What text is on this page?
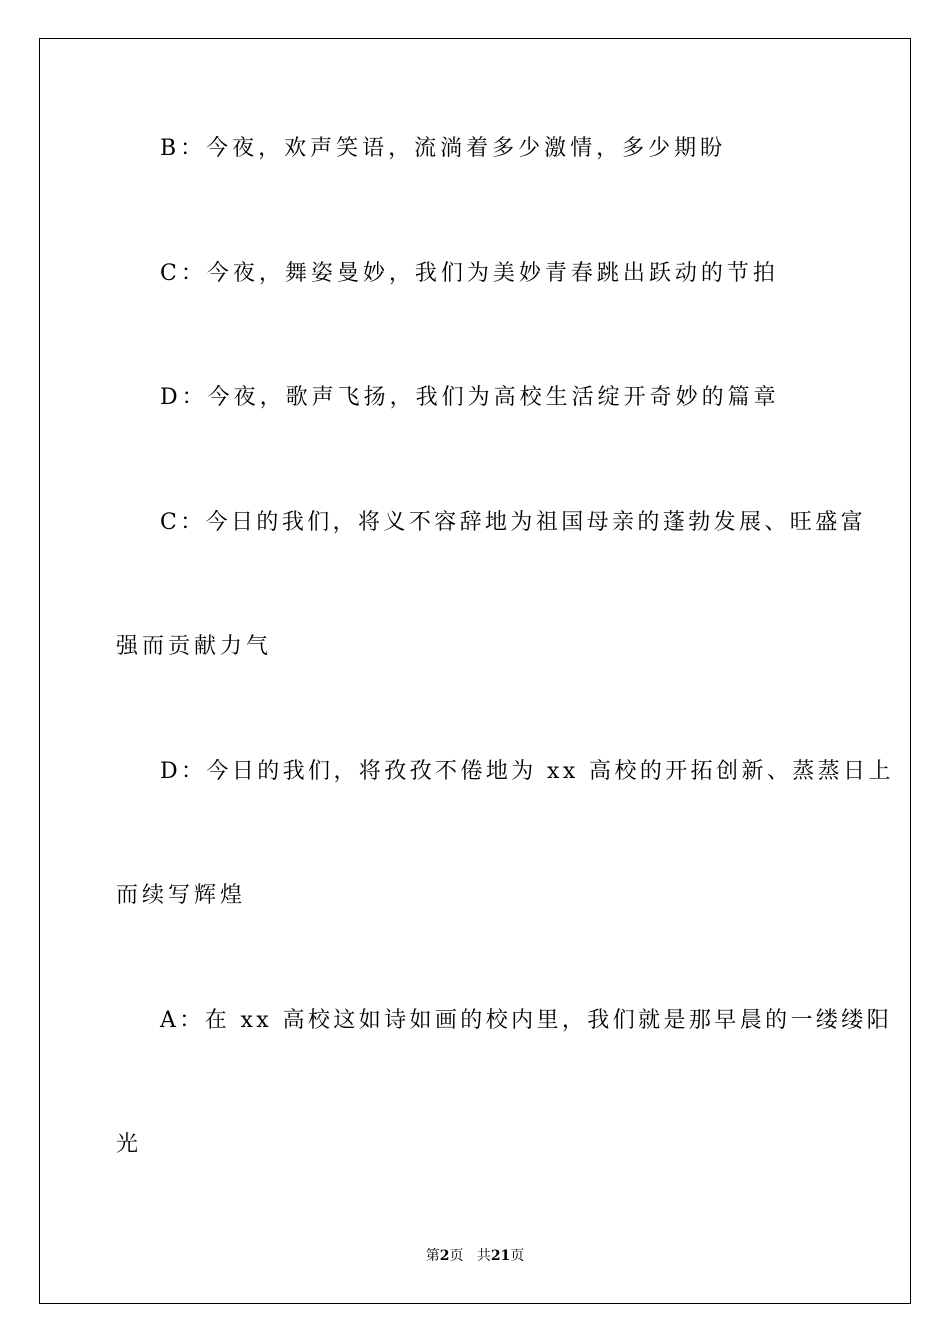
B：今夜，欢声笑语，流淌着多少激情，多少期盼
C：今夜，舞姿曼妙，我们为美妙青春跳出跃动的节拍
D：今夜，歌声飞扬，我们为高校生活绽开奇妙的篇章
C：今日的我们，将义不容辞地为祖国母亲的蓬勃发展、旺盛富
强而贡献力气
D：今日的我们，将孜孜不倦地为 xx 高校的开拓创新、蒸蒸日上
而续写辉煌
A：在 xx 高校这如诗如画的校内里，我们就是那早晨的一缕缕阳
光
第2页 共21页
